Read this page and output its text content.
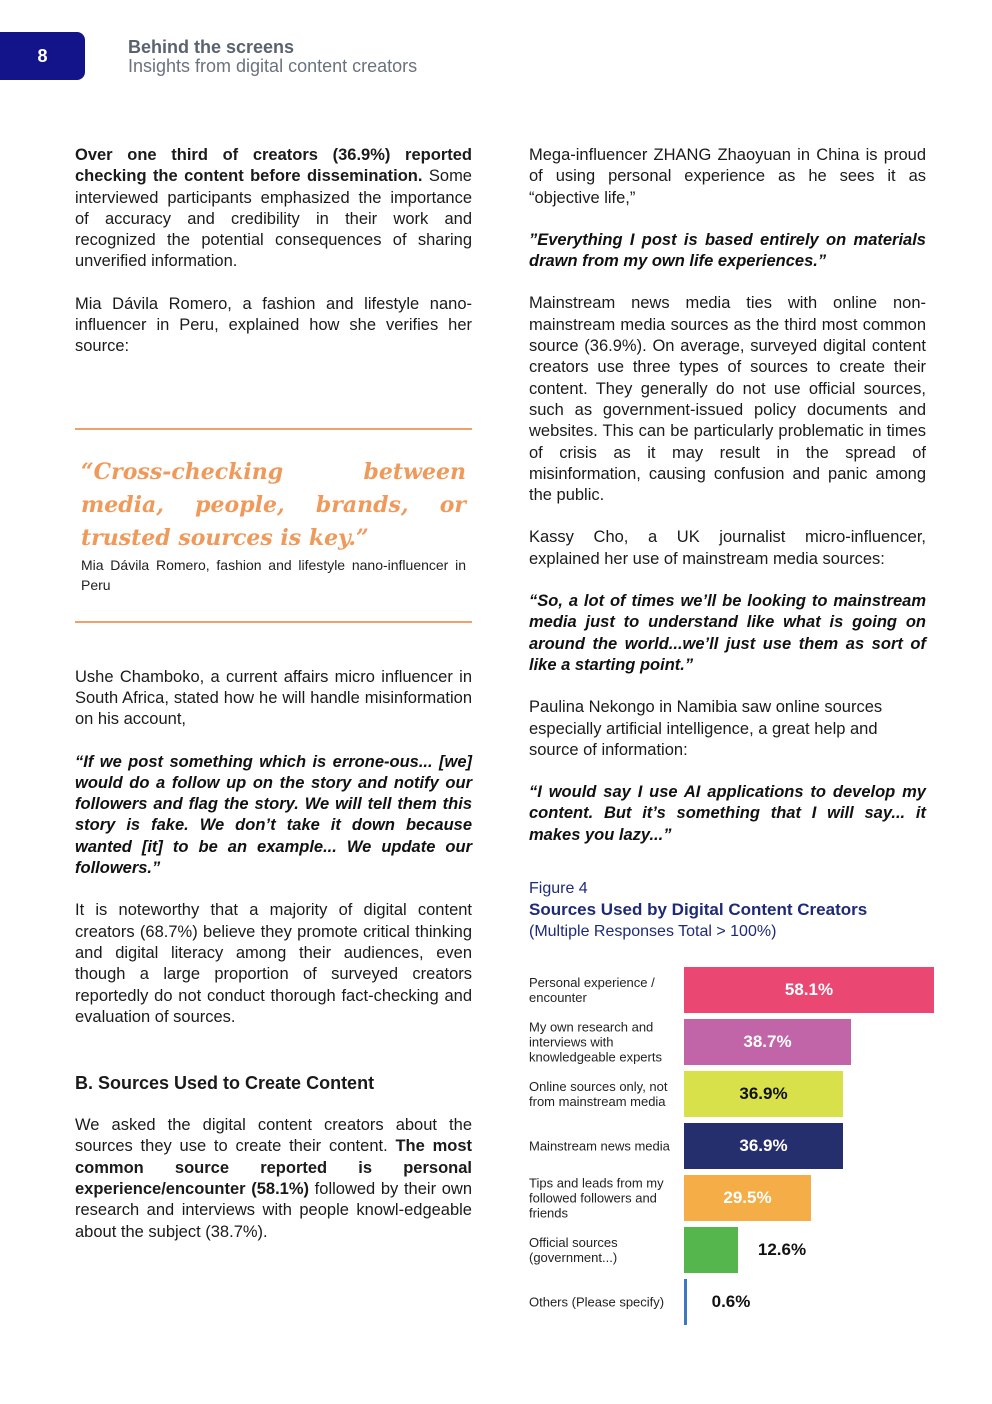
8	Behind the screens
Insights from digital content creators

Over one third of creators (36.9%) reported checking the content before dissemination. Some interviewed participants emphasized the importance of accuracy and credibility in their work and recognized the potential consequences of sharing unverified information.

Mia Dávila Romero, a fashion and lifestyle nano-influencer in Peru, explained how she verifies her source:

“Cross-checking between media, people, brands, or trusted sources is key.”

Mia Dávila Romero, fashion and lifestyle nano-influencer in Peru

Ushe Chamboko, a current affairs micro influencer in South Africa, stated how he will handle misinformation on his account,

“If we post something which is errone-ous... [we] would do a follow up on the story and notify our followers and flag the story. We will tell them this story is fake. We don’t take it down because wanted [it] to be an example... We update our followers.”

It is noteworthy that a majority of digital content creators (68.7%) believe they promote critical thinking and digital literacy among their audiences, even though a large proportion of surveyed creators reportedly do not conduct thorough fact-checking and evaluation of sources.

B. Sources Used to Create Content

We asked the digital content creators about the sources they use to create their content. The most common source reported is personal experience/encounter (58.1%) followed by their own research and interviews with people knowl-edgeable about the subject (38.7%).

Mega-influencer ZHANG Zhaoyuan in China is proud of using personal experience as he sees it as “objective life,”

”Everything I post is based entirely on materials drawn from my own life experiences.”

Mainstream news media ties with online non-mainstream media sources as the third most common source (36.9%). On average, surveyed digital content creators use three types of sources to create their content. They generally do not use official sources, such as government-issued policy documents and websites. This can be particularly problematic in times of crisis as it may result in the spread of misinformation, causing confusion and panic among the public.

Kassy Cho, a UK journalist micro-influencer, explained her use of mainstream media sources:

“So, a lot of times we’ll be looking to mainstream media just to understand like what is going on around the world...we’ll just use them as sort of like a starting point.”

Paulina Nekongo in Namibia saw online sources especially artificial intelligence, a great help and source of information:

“I would say I use AI applications to develop my content. But it’s something that I will say... it makes you lazy...”

Figure 4
Sources Used by Digital Content Creators
(Multiple Responses Total > 100%)
Personal experience / encounter	58.1%
My own research and interviews with knowledgeable experts
38.7%
Online sources only, not from mainstream media	36.9%
Mainstream news media	36.9%
Tips and leads from my followed followers and friends
29.5%
Official sources (government...)	12.6%
Others (Please specify)	0.6%
